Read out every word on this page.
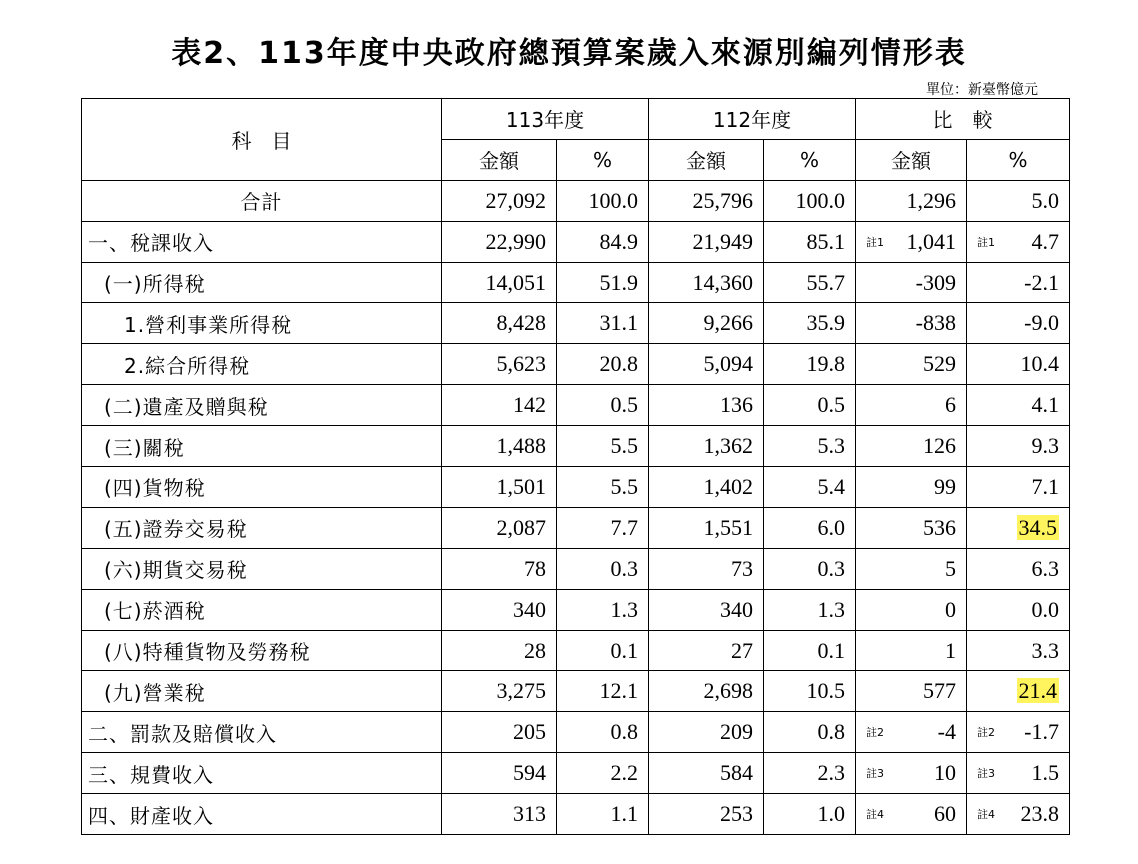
表2、113年度中央政府總預算案歲入來源別編列情形表
單位：新臺幣億元
科　目	113年度		112年度		比　較	
	金額	%	金額	%	金額	%
合計	27,092	100.0	25,796	100.0	1,296	5.0
一、稅課收入	22,990	84.9	21,949	85.1	註1 1,041	註1 4.7
(一)所得稅	14,051	51.9	14,360	55.7	-309	-2.1
1.營利事業所得稅	8,428	31.1	9,266	35.9	-838	-9.0
2.綜合所得稅	5,623	20.8	5,094	19.8	529	10.4
(二)遺產及贈與稅	142	0.5	136	0.5	6	4.1
(三)關稅	1,488	5.5	1,362	5.3	126	9.3
(四)貨物稅	1,501	5.5	1,402	5.4	99	7.1
(五)證券交易稅	2,087	7.7	1,551	6.0	536	34.5
(六)期貨交易稅	78	0.3	73	0.3	5	6.3
(七)菸酒稅	340	1.3	340	1.3	0	0.0
(八)特種貨物及勞務稅	28	0.1	27	0.1	1	3.3
(九)營業稅	3,275	12.1	2,698	10.5	577	21.4
二、罰款及賠償收入	205	0.8	209	0.8	註2 -4	註2 -1.7
三、規費收入	594	2.2	584	2.3	註3 10	註3 1.5
四、財產收入	313	1.1	253	1.0	註4 60	註4 23.8
